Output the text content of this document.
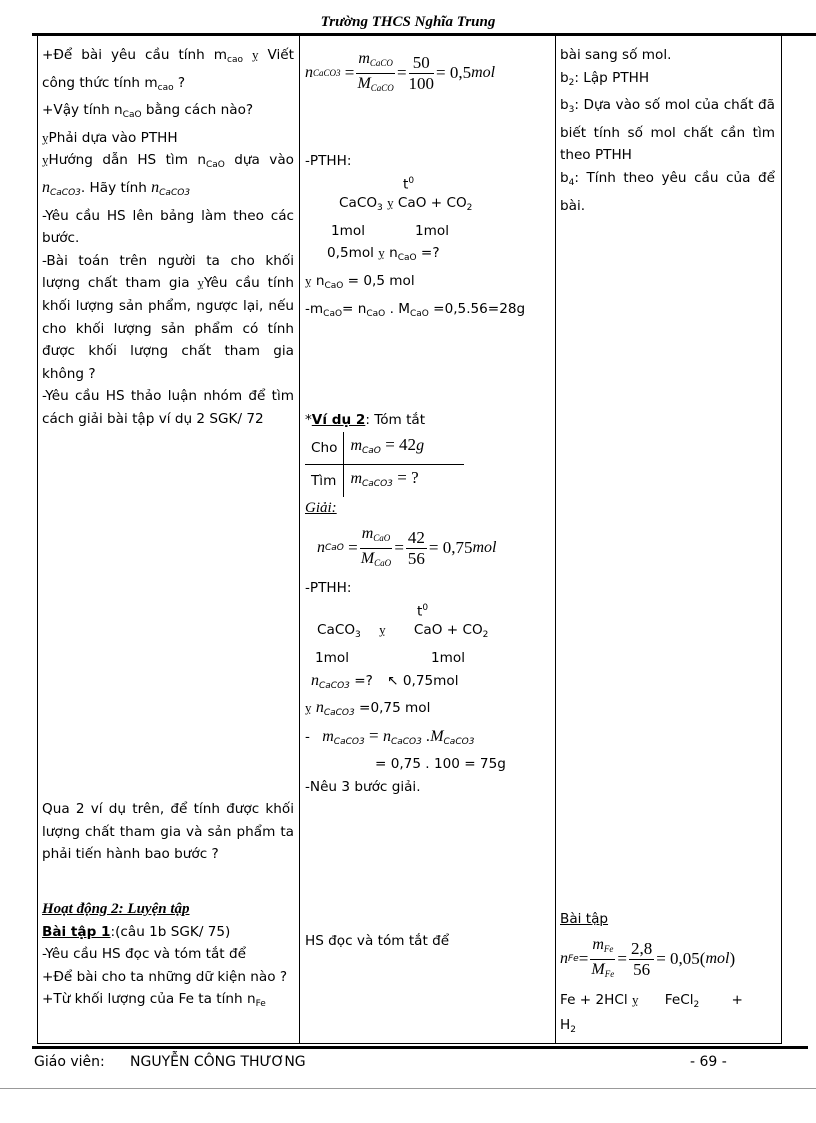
Trường THCS Nghĩa Trung
+Để bài yêu cầu tính $m_{cao}$ ỵ Viết công thức tính $m_{cao}$ ?
+Vậy tính $n_{CaO}$ bằng cách nào?
ỵPhải dựa vào PTHH
ỵHướng dẫn HS tìm $n_{CaO}$ dựa vào $n_{CaCO3}$. Hãy tính $n_{CaCO3}$
-Yêu cầu HS lên bảng làm theo các bước.
-Bài toán trên người ta cho khối lượng chất tham gia ỵYêu cầu tính khối lượng sản phẩm, ngược lại, nếu cho khối lượng sản phẩm có tính được khối lượng chất tham gia không ?
-Yêu cầu HS thảo luận nhóm để tìm cách giải bài tập ví dụ 2 SGK/ 72
Qua 2 ví dụ trên, để tính được khối lượng chất tham gia và sản phẩm ta phải tiến hành bao bước ?
Hoạt động 2: Luyện tập
Bài tập 1:(câu 1b SGK/ 75)
-Yêu cầu HS đọc và tóm tắt để
+Để bài cho ta những dữ kiện nào ?
+Từ khối lượng của Fe ta tính $n_{Fe}$
n CaCO3 = $\frac{m_{CaCO}}{M_{CaCO}} = \frac{50}{100} = 0,5$ mol
-PTHH:
$t^0$
CaCO$_3$ ỵ CaO + $CO_2$
1mol	1mol
0,5mol ỵ $n_{CaO}$ =?
ỵ $n_{CaO} = 0,5$ mol
$-m_{CaO}= n_{CaO}$ . $M_{CaO} =0,5.56=28g$
*Ví dụ 2: Tóm tắt
Cho	$m_{CaO} = 42g$	
Tìm	$m_{CaCO3}$ = ?	
Giải:
n CaO = $\frac{m_{CaO}}{M_{CaO}} = \frac{42}{56} = 0,75$ mol
-PTHH:
$t^0$
CaCO$_3$ ỵ CaO + $CO_2$
1mol	1mol
$n_{CaCO3}$ =? ↖ 0,75mol
ỵ $n_{CaCO3} =0,75$ mol
- $m_{CaCO3} = n_{CaCO3}$ $.M_{CaCO3}$
= 0,75 . 100 = 75g
-Nêu 3 bước giải.
HS đọc và tóm tắt để
bài sang số mol.
$b_2$: Lập PTHH
$b_3$: Dựa vào số mol của chất đã biết tính số mol chất cần tìm theo PTHH
$b_4$: Tính theo yêu cầu của để bài.
Bài tập
n $Fe = \frac{m_{Fe}}{M_{Fe}} = \frac{2,8}{56} = 0,05$( mol )
Fe + 2HCl ỵ FeCl$_2$ +
$H_2$
Giáo viên: NGUYỄN CÔNG THƯƠNG	- 69 -
